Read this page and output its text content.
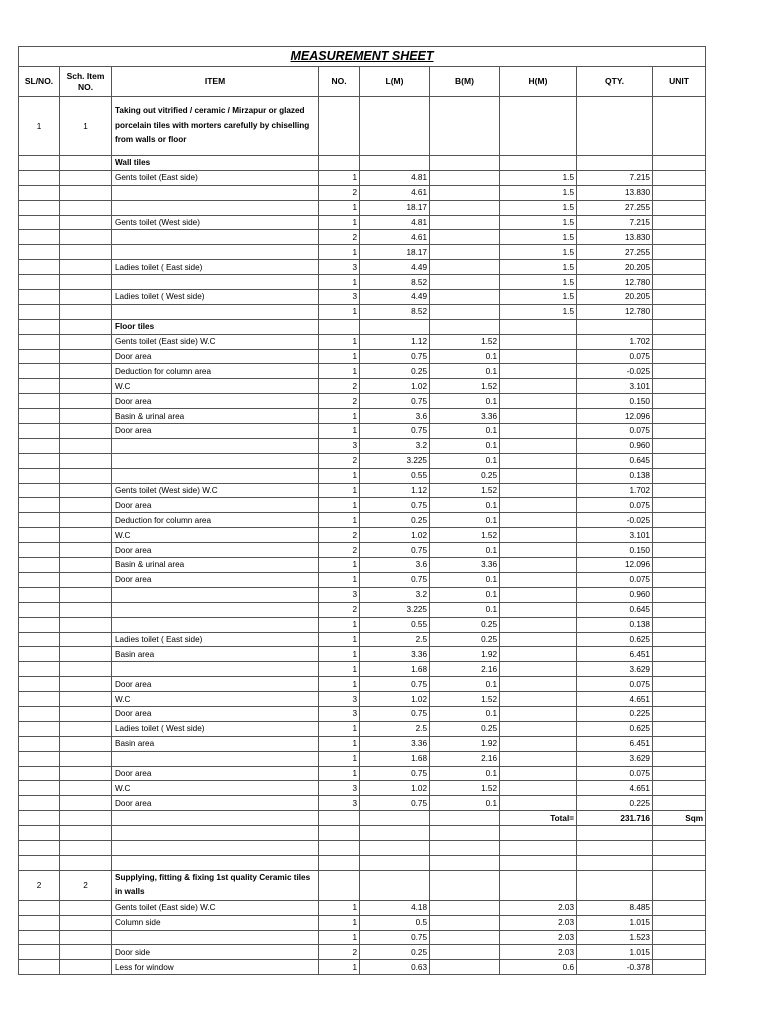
MEASUREMENT SHEET								
SL/NO.	Sch. Item NO.	ITEM	NO.	L(M)	B(M)	H(M)	QTY.	UNIT
1	1	Taking out vitrified / ceramic / Mirzapur or glazed porcelain tiles with morters carefully by chiselling from walls or floor						
		Wall tiles						
		Gents toilet (East side)	1	4.81		1.5	7.215	
			2	4.61		1.5	13.830	
			1	18.17		1.5	27.255	
		Gents toilet (West side)	1	4.81		1.5	7.215	
			2	4.61		1.5	13.830	
			1	18.17		1.5	27.255	
		Ladies toilet ( East side)	3	4.49		1.5	20.205	
			1	8.52		1.5	12.780	
		Ladies toilet ( West side)	3	4.49		1.5	20.205	
			1	8.52		1.5	12.780	
		Floor tiles						
		Gents toilet (East side) W.C	1	1.12	1.52		1.702	
		Door area	1	0.75	0.1		0.075	
		Deduction for column area	1	0.25	0.1		-0.025	
		W.C	2	1.02	1.52		3.101	
		Door area	2	0.75	0.1		0.150	
		Basin & urinal area	1	3.6	3.36		12.096	
		Door area	1	0.75	0.1		0.075	
			3	3.2	0.1		0.960	
			2	3.225	0.1		0.645	
			1	0.55	0.25		0.138	
		Gents toilet (West side) W.C	1	1.12	1.52		1.702	
		Door area	1	0.75	0.1		0.075	
		Deduction for column area	1	0.25	0.1		-0.025	
		W.C	2	1.02	1.52		3.101	
		Door area	2	0.75	0.1		0.150	
		Basin & urinal area	1	3.6	3.36		12.096	
		Door area	1	0.75	0.1		0.075	
			3	3.2	0.1		0.960	
			2	3.225	0.1		0.645	
			1	0.55	0.25		0.138	
		Ladies toilet ( East side)	1	2.5	0.25		0.625	
		Basin area	1	3.36	1.92		6.451	
			1	1.68	2.16		3.629	
		Door area	1	0.75	0.1		0.075	
		W.C	3	1.02	1.52		4.651	
		Door area	3	0.75	0.1		0.225	
		Ladies toilet ( West side)	1	2.5	0.25		0.625	
		Basin area	1	3.36	1.92		6.451	
			1	1.68	2.16		3.629	
		Door area	1	0.75	0.1		0.075	
		W.C	3	1.02	1.52		4.651	
		Door area	3	0.75	0.1		0.225	
						Total=	231.716	Sqm

2	2	Supplying, fitting & fixing 1st quality Ceramic tiles in walls						
		Gents toilet (East side) W.C	1	4.18		2.03	8.485	
		Column side	1	0.5		2.03	1.015	
			1	0.75		2.03	1.523	
		Door side	2	0.25		2.03	1.015	
		Less for window	1	0.63		0.6	-0.378	
